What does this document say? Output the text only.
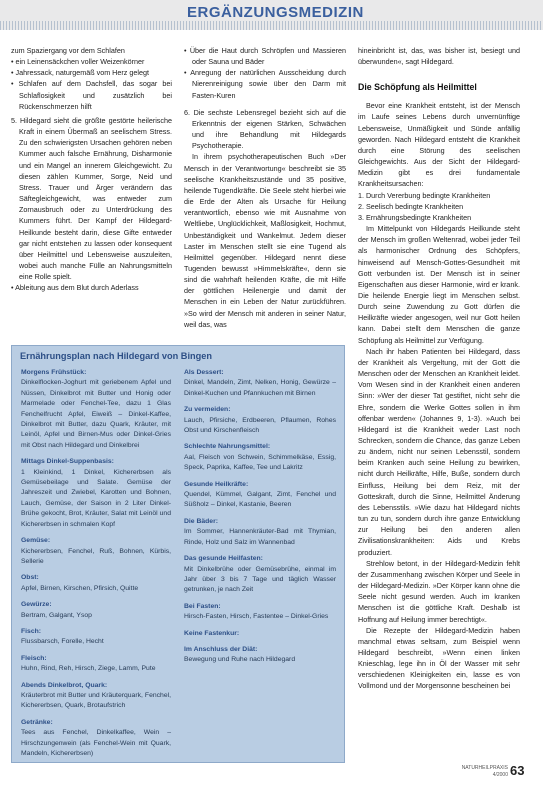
ERGÄNZUNGSMEDIZIN

zum Spaziergang vor dem Schlafen

• ein Leinensäckchen voller Weizenkörner

• Jahressack, naturgemäß vom Herz gelegt

• Schlafen auf dem Dachsfell, das sogar bei Schlaflosigkeit und zusätzlich bei Rückenschmerzen hilft

5. Hildegard sieht die größte gestörte heilerische Kraft in einem Übermaß an seelischem Stress. Zu den schwierigsten Ursachen gehören neben Kummer auch falsche Ernährung, Disharmonie und ein Mangel an innerem Gleichgewicht. Zu diesen zählen Kummer, Sorge, Neid und Stress. Trauer und Ärger verändern das Säftegleichgewicht, was entweder zum Zornausbruch oder zu Unterdrückung des Kummers führt. Der Kampf der Hildegard-Heilkunde besteht darin, diese Gifte entweder gar nicht entstehen zu lassen oder konsequent über Heilmittel und Lebensweise auszuleiten, wobei auch manche Fülle an Nahrungsmitteln eine Rolle spielt.

• Ableitung aus dem Blut durch Aderlass

• Über die Haut durch Schröpfen und Massieren oder Sauna und Bäder

• Anregung der natürlichen Ausscheidung durch Nierenreinigung sowie über den Darm mit Fasten-Kuren

6. Die sechste Lebensregel bezieht sich auf die Erkenntnis der eigenen Stärken, Schwächen und ihre Behandlung mit Hildegards Psychotherapie.

In ihrem psychotherapeutischen Buch »Der Mensch in der Verantwortung« beschreibt sie 35 seelische Krankheitszustände und 35 positive, heilende Tugendkräfte. Die Seele steht hierbei wie die Erde der Alten als Ursache für Heilung verantwortlich, ebenso wie mit Ausnahme von Weltliebe, Unglücklichkeit, Maßlosigkeit, Hochmut, Unbeständigkeit und Wankelmut. Jedem dieser Laster im Menschen stellt sie eine Tugend als Heilmittel gegenüber. Hildegard nennt diese Tugenden bewusst »Himmelskräfte«, denn sie sind die wahrhaft heilenden Kräfte, die mit Hilfe der göttlichen Heilenergie und damit der Menschen in ein Leben der Natur zurückführen. »So wird der Mensch mit anderen in seiner Natur, weil das, was

hineinbricht ist, das, was bisher ist, besiegt und überwunden«, sagt Hildegard.

Die Schöpfung als Heilmittel

Bevor eine Krankheit entsteht, ist der Mensch im Laufe seines Lebens durch unvernünftige Lebensweise, Unmäßigkeit und Sünde anfällig geworden. Nach Hildegard entsteht die Krankheit durch eine Störung des seelischen Gleichgewichts. Aus der Sicht der Hildegard-Medizin gibt es drei fundamentale Krankheitsursachen:

1. Durch Vererbung bedingte Krankheiten

2. Seelisch bedingte Krankheiten

3. Ernährungsbedingte Krankheiten

Im Mittelpunkt von Hildegards Heilkunde steht der Mensch im großen Weltenrad, wobei jeder Teil als harmonischer Ordnung des Schöpfers, hinweisend auf Mensch-Gottes-Gesundheit mit Gott verbunden ist. Der Mensch ist in seiner Eigenschaften aus dieser Harmonie, wird er krank. Die heilende Energie liegt im Menschen selbst. Durch seine Zuwendung zu Gott dürfen die Heilkräfte wieder angesogen, weil nur Gott heilen kann. Dabei stellt dem Menschen die ganze Schöpfung als Heilmittel zur Verfügung.

Nach ihr haben Patienten bei Hildegard, dass der Krankheit als Vergeltung, mit der Gott die Menschen oder der Menschen an Krankheit leidet. Vom Wesen sind in der Krankheit einen anderen Sinn: »Wer der dieser Tat gestiftet, nicht sehr die Ehre, sondern die Werke Gottes sollen in ihm offenbar werden« (Johannes 9, 1-3). »Auch bei Hildegard ist die Krankheit weder Last noch Schrecken, sondern die Chance, das ganze Leben zu ändern, nicht nur seinen Lebensstil, sondern beim Kranken auch seine Heilung zu bewirken, nicht durch Heilkräfte, Hilfe, Buße, sondern durch Einfluss, Heilung bei dem Reiz, mit der Gotteskraft, durch die Sinne, Heilmittel Änderung des Lebensstils. »Wie dazu hat Hildegard nichts tun zu tun, sondern durch ihre ganze Entwicklung zur Heilung bei den anderen allen Zivilisationskrankheiten: Aids und Krebs produziert.

Strehlow betont, in der Hildegard-Medizin fehlt der Zusammenhang zwischen Körper und Seele in der Hildegard-Medizin. »Der Körper kann ohne die Seele nicht gesund werden. Auch im kranken Menschen ist die göttliche Kraft. Deshalb ist Hoffnung auf Heilung immer berechtigt«.

Die Rezepte der Hildegard-Medizin haben manchmal etwas seltsam, zum Beispiel wenn Hildegard beschreibt, »Wenn einen linken Knieschlag, lege ihn in Öl der Wasser mit sehr verschiedenen Kleinigkeiten ein, lasse es von Vollmond und der Morgensonne bescheinen bei

Ernährungsplan nach Hildegard von Bingen
Morgens Frühstück:

Dinkelflocken-Joghurt mit geriebenem Apfel und Nüssen, Dinkelbrot mit Butter und Honig oder Marmelade oder Fenchel-Tee, dazu 1 Glas Fenchelfrucht Apfel, Eiweiß – Dinkel-Kaffee, Dinkelbrot mit Butter, dazu Quark, Kräuter, mit Leinöl, Apfel und Birnen-Mus oder Dinkel-Gries mit Obst nach Hildegard und Dinkelbrei

Mittags Dinkel-Suppenbasis:

1 Kleinkind, 1 Dinkel, Kichererbsen als Gemüsebeilage und Salate. Gemüse der Jahreszeit und Zwiebel, Karotten und Bohnen, Lauch, Gemüse, der Saison in 2 Liter Dinkel-Brühe gekocht, Brot, Kräuter, Salat mit Leinöl und Kichererbsen in schmalen Kopf

Gemüse:

Kichererbsen, Fenchel, Ruß, Bohnen, Kürbis, Sellerie

Obst:

Apfel, Birnen, Kirschen, Pfirsich, Quitte

Gewürze:

Bertram, Galgant, Ysop

Fisch:

Flussbarsch, Forelle, Hecht

Fleisch:

Huhn, Rind, Reh, Hirsch, Ziege, Lamm, Pute

Abends Dinkelbrot, Quark:

Kräuterbrot mit Butter und Kräuterquark, Fenchel, Kichererbsen, Quark, Brotaufstrich

Getränke:

Tees aus Fenchel, Dinkelkaffee, Wein – Hirschzungenwein (als Fenchel-Wein mit Quark, Mandeln, Kichererbsen)

Als Dessert:

Dinkel, Mandeln, Zimt, Nelken, Honig, Gewürze – Dinkel-Kuchen und Pfannkuchen mit Birnen

Zu vermeiden:

Lauch, Pfirsiche, Erdbeeren, Pflaumen, Rohes Obst und Kirschenfleisch

Schlechte Nahrungsmittel:

Aal, Fleisch von Schwein, Schimmelkäse, Essig, Speck, Paprika, Kaffee, Tee und Lakritz

Gesunde Heilkräfte:

Quendel, Kümmel, Galgant, Zimt, Fenchel und Süßholz – Dinkel, Kastanie, Beeren

Die Bäder:

Im Sommer, Hannenkräuter-Bad mit Thymian, Rinde, Holz und Salz im Wannenbad

Das gesunde Heilfasten:

Mit Dinkelbrühe oder Gemüsebrühe, einmal im Jahr über 3 bis 7 Tage und täglich Wasser getrunken, je nach Zeit

Bei Fasten:

Hirsch-Fasten, Hirsch, Fastentee – Dinkel-Gries

Keine Fastenkur:

Im Anschluss der Diät:

Bewegung und Ruhe nach Hildegard

NATURHEILPRAXIS 4/2000 63
